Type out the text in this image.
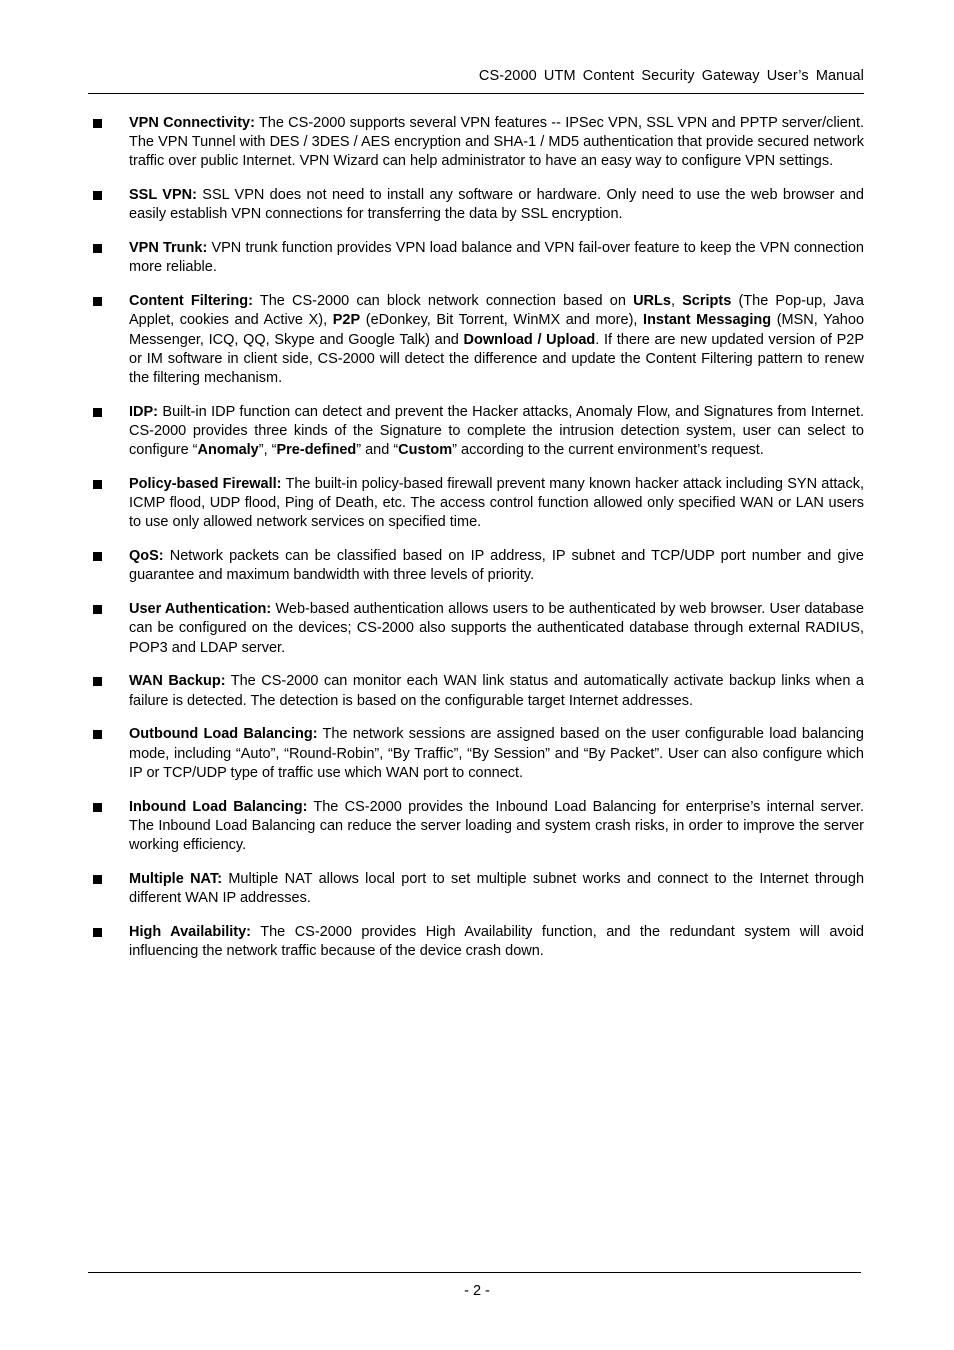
CS-2000 UTM Content Security Gateway User’s Manual
VPN Connectivity: The CS-2000 supports several VPN features -- IPSec VPN, SSL VPN and PPTP server/client. The VPN Tunnel with DES / 3DES / AES encryption and SHA-1 / MD5 authentication that provide secured network traffic over public Internet. VPN Wizard can help administrator to have an easy way to configure VPN settings.
SSL VPN: SSL VPN does not need to install any software or hardware. Only need to use the web browser and easily establish VPN connections for transferring the data by SSL encryption.
VPN Trunk: VPN trunk function provides VPN load balance and VPN fail-over feature to keep the VPN connection more reliable.
Content Filtering: The CS-2000 can block network connection based on URLs, Scripts (The Pop-up, Java Applet, cookies and Active X), P2P (eDonkey, Bit Torrent, WinMX and more), Instant Messaging (MSN, Yahoo Messenger, ICQ, QQ, Skype and Google Talk) and Download / Upload. If there are new updated version of P2P or IM software in client side, CS-2000 will detect the difference and update the Content Filtering pattern to renew the filtering mechanism.
IDP: Built-in IDP function can detect and prevent the Hacker attacks, Anomaly Flow, and Signatures from Internet. CS-2000 provides three kinds of the Signature to complete the intrusion detection system, user can select to configure “Anomaly”, “Pre-defined” and “Custom” according to the current environment’s request.
Policy-based Firewall: The built-in policy-based firewall prevent many known hacker attack including SYN attack, ICMP flood, UDP flood, Ping of Death, etc. The access control function allowed only specified WAN or LAN users to use only allowed network services on specified time.
QoS: Network packets can be classified based on IP address, IP subnet and TCP/UDP port number and give guarantee and maximum bandwidth with three levels of priority.
User Authentication: Web-based authentication allows users to be authenticated by web browser. User database can be configured on the devices; CS-2000 also supports the authenticated database through external RADIUS, POP3 and LDAP server.
WAN Backup: The CS-2000 can monitor each WAN link status and automatically activate backup links when a failure is detected. The detection is based on the configurable target Internet addresses.
Outbound Load Balancing: The network sessions are assigned based on the user configurable load balancing mode, including “Auto”, “Round-Robin”, “By Traffic”, “By Session” and “By Packet”. User can also configure which IP or TCP/UDP type of traffic use which WAN port to connect.
Inbound Load Balancing: The CS-2000 provides the Inbound Load Balancing for enterprise’s internal server. The Inbound Load Balancing can reduce the server loading and system crash risks, in order to improve the server working efficiency.
Multiple NAT: Multiple NAT allows local port to set multiple subnet works and connect to the Internet through different WAN IP addresses.
High Availability: The CS-2000 provides High Availability function, and the redundant system will avoid influencing the network traffic because of the device crash down.
- 2 -
